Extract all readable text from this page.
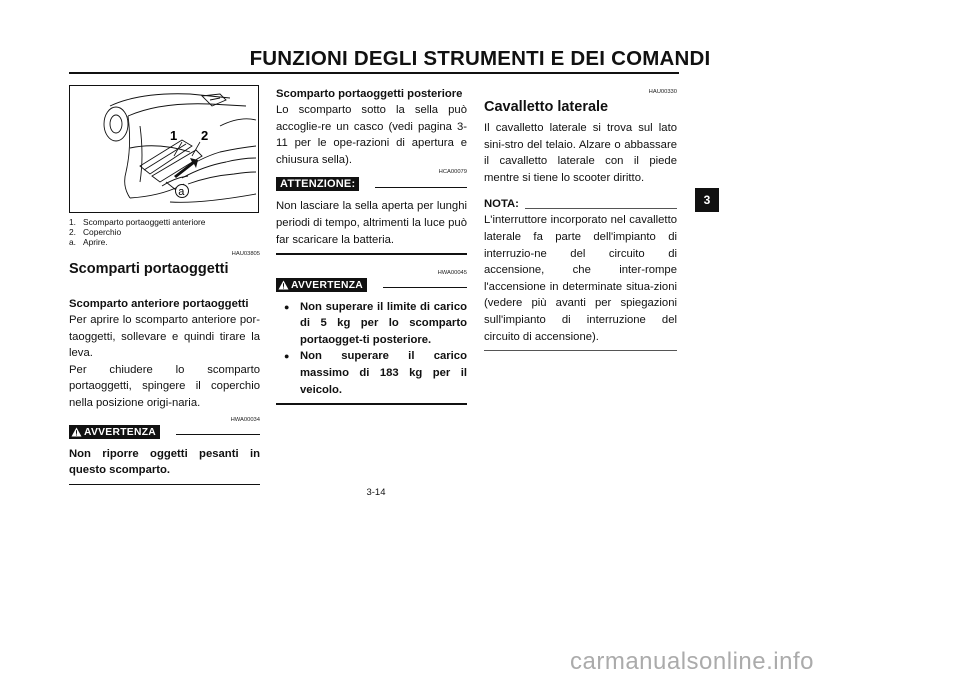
FUNZIONI DEGLI STRUMENTI E DEI COMANDI
1 2
a
1. Scomparto portaoggetti anteriore
2. Coperchio
a. Aprire.
HAU03805
Scomparti portaoggetti
Scomparto anteriore portaoggetti

Per aprire lo scomparto anteriore por-taoggetti, sollevare e quindi tirare la leva.

Per chiudere lo scomparto portaoggetti, spingere il coperchio nella posizione origi-naria.

HWA00034
AVVERTENZA

Non riporre oggetti pesanti in questo scomparto.

Scomparto portaoggetti posteriore

Lo scomparto sotto la sella può accoglie-re un casco (vedi pagina 3-11 per le ope-razioni di apertura e chiusura sella).

HCA00079
ATTENZIONE:

Non lasciare la sella aperta per lunghi periodi di tempo, altrimenti la luce può far scaricare la batteria.

HWA00045
AVVERTENZA
● Non superare il limite di carico di 5 kg per lo scomparto portaogget-ti posteriore.
● Non superare il carico massimo di 183 kg per il veicolo.
HAU00330
Cavalletto laterale

Il cavalletto laterale si trova sul lato sini-stro del telaio. Alzare o abbassare il cavalletto laterale con il piede mentre si tiene lo scooter diritto.

NOTA:

L'interruttore incorporato nel cavalletto laterale fa parte dell'impianto di interruzio-ne del circuito di accensione, che inter-rompe l'accensione in determinate situa-zioni (vedere più avanti per spiegazioni sull'impianto di interruzione del circuito di accensione).

3
3-14
carmanualsonline.info
